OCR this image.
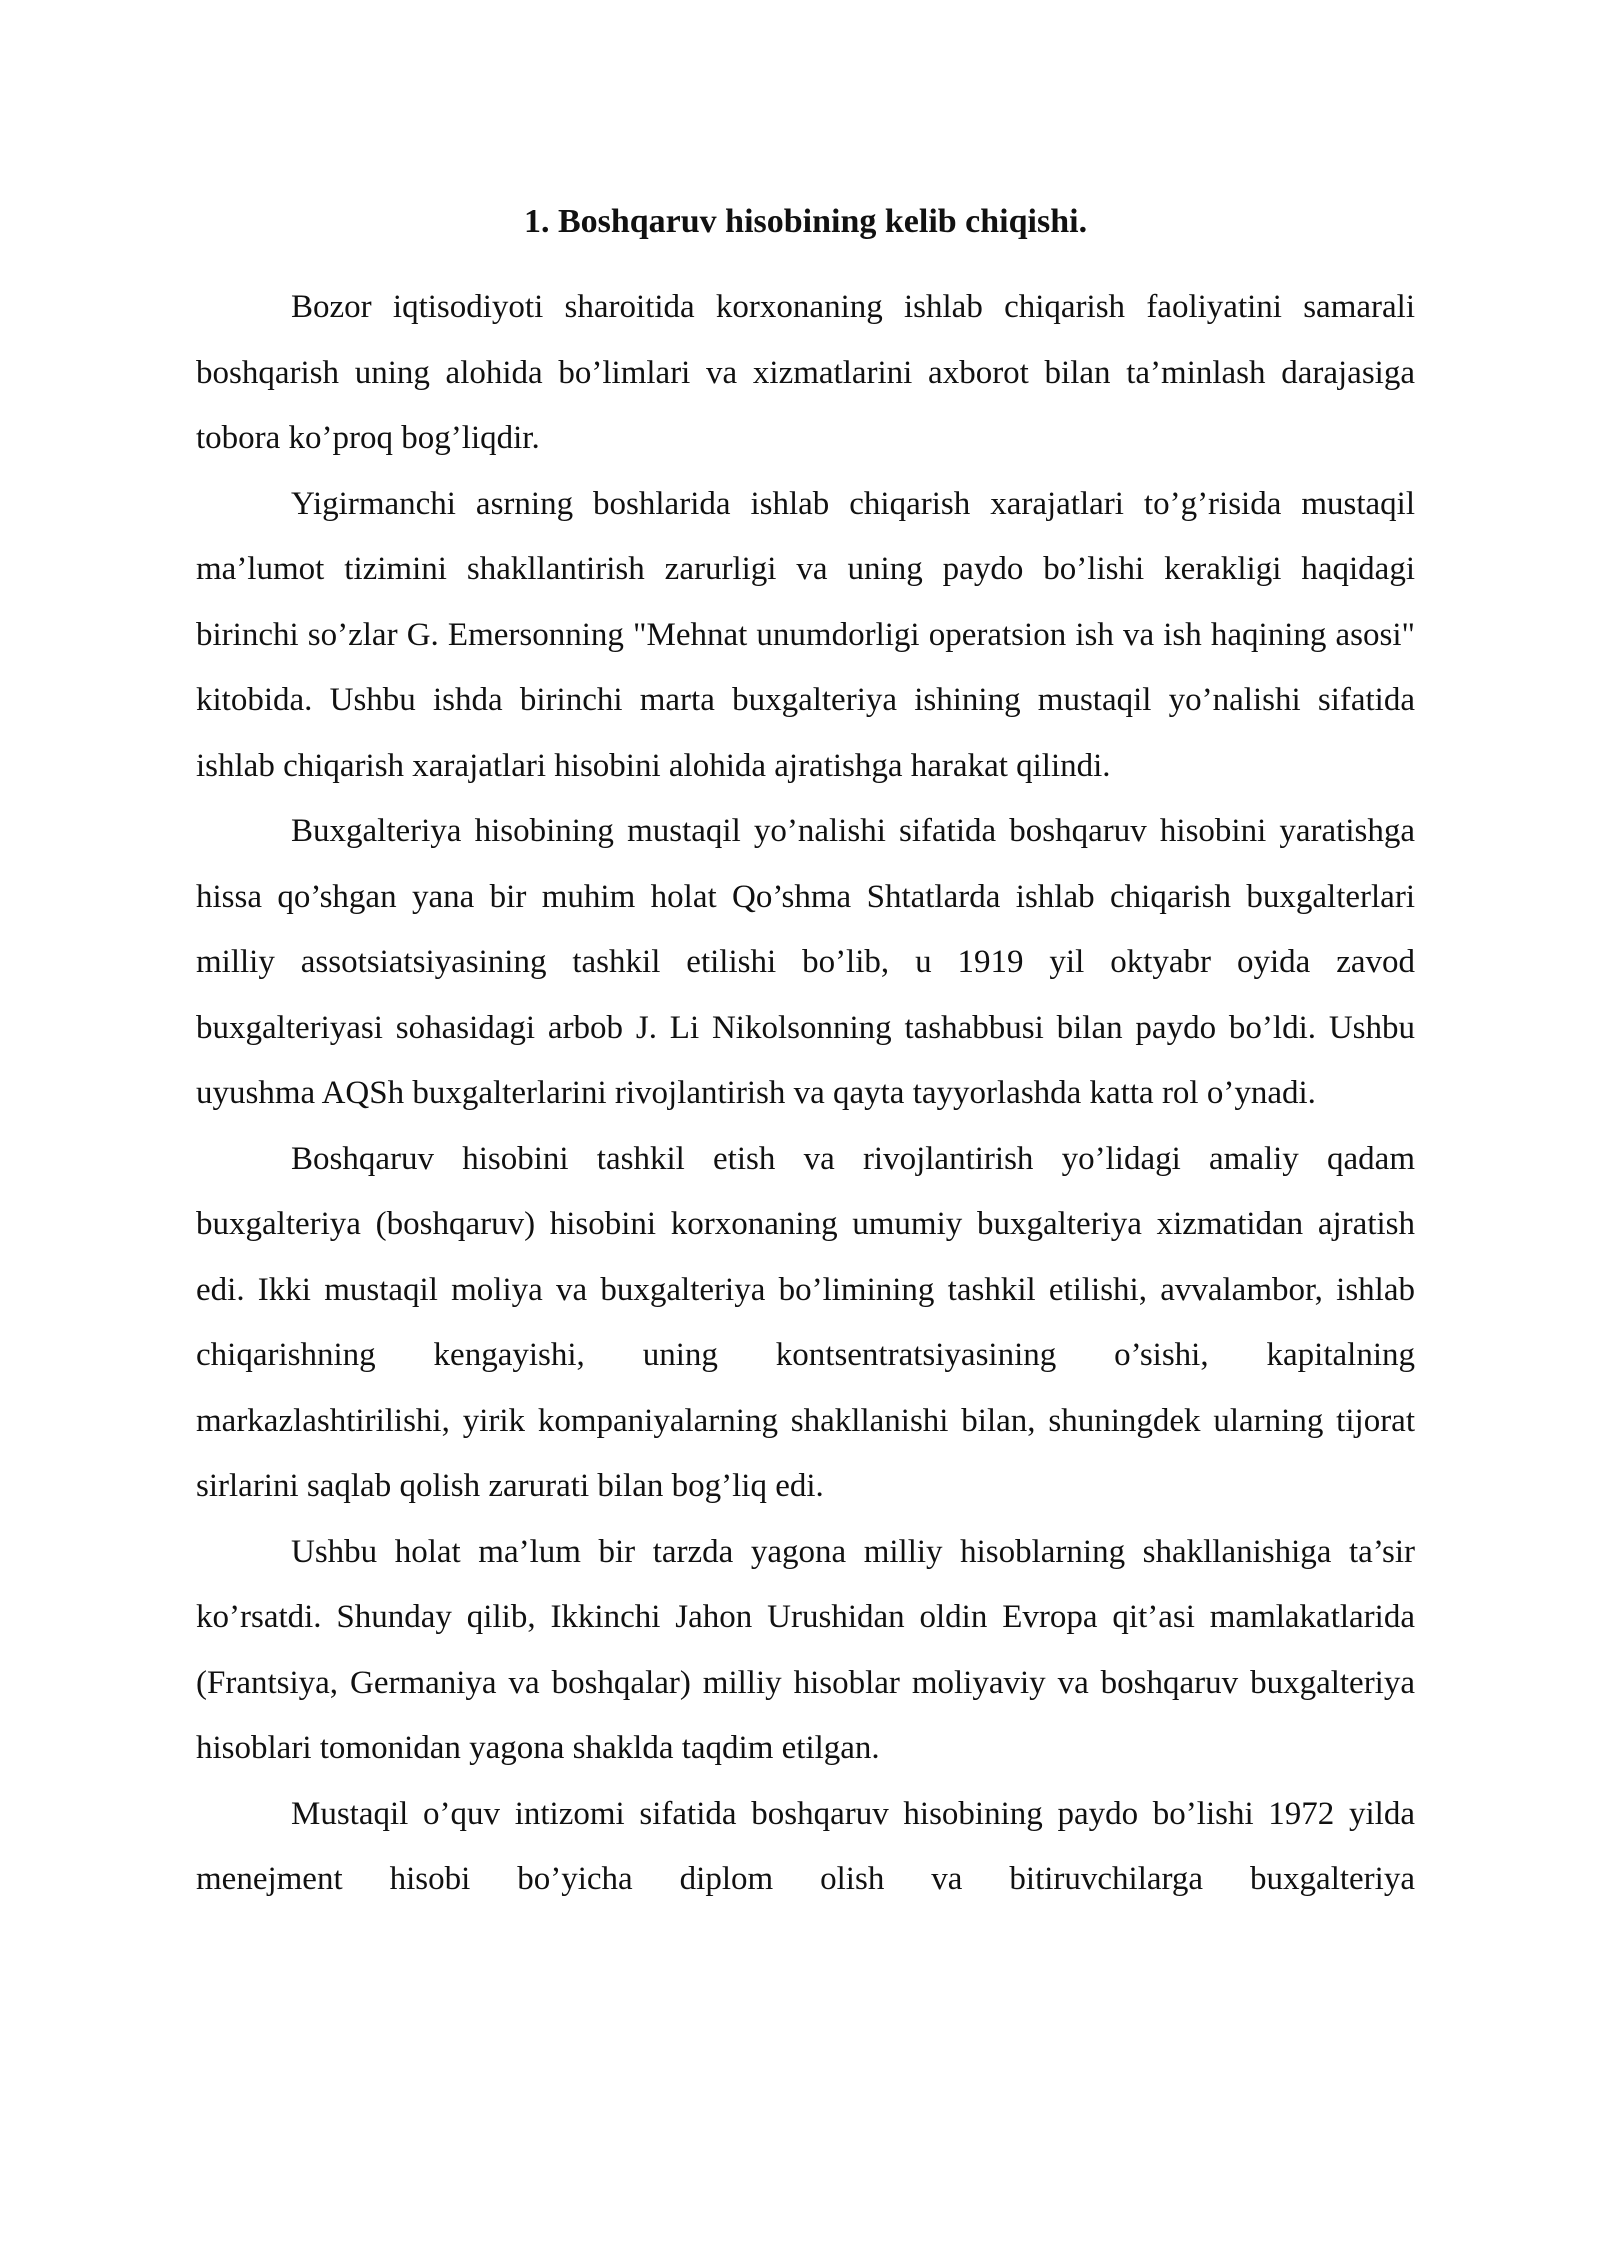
1. Boshqaruv hisobining kelib chiqishi.

Bozor iqtisodiyoti sharoitida korxonaning ishlab chiqarish faoliyatini samarali boshqarish uning alohida bo’limlari va xizmatlarini axborot bilan ta’minlash darajasiga tobora ko’proq bog’liqdir.

Yigirmanchi asrning boshlarida ishlab chiqarish xarajatlari to’g’risida mustaqil ma’lumot tizimini shakllantirish zarurligi va uning paydo bo’lishi kerakligi haqidagi birinchi so’zlar G. Emersonning "Mehnat unumdorligi operatsion ish va ish haqining asosi" kitobida. Ushbu ishda birinchi marta buxgalteriya ishining mustaqil yo’nalishi sifatida ishlab chiqarish xarajatlari hisobini alohida ajratishga harakat qilindi.

Buxgalteriya hisobining mustaqil yo’nalishi sifatida boshqaruv hisobini yaratishga hissa qo’shgan yana bir muhim holat Qo’shma Shtatlarda ishlab chiqarish buxgalterlari milliy assotsiatsiyasining tashkil etilishi bo’lib, u 1919 yil oktyabr oyida zavod buxgalteriyasi sohasidagi arbob J. Li Nikolsonning tashabbusi bilan paydo bo’ldi. Ushbu uyushma AQSh buxgalterlarini rivojlantirish va qayta tayyorlashda katta rol o’ynadi.

Boshqaruv hisobini tashkil etish va rivojlantirish yo’lidagi amaliy qadam buxgalteriya (boshqaruv) hisobini korxonaning umumiy buxgalteriya xizmatidan ajratish edi. Ikki mustaqil moliya va buxgalteriya bo’limining tashkil etilishi, avvalambor, ishlab chiqarishning kengayishi, uning kontsentratsiyasining o’sishi, kapitalning markazlashtirilishi, yirik kompaniyalarning shakllanishi bilan, shuningdek ularning tijorat sirlarini saqlab qolish zarurati bilan bog’liq edi.

Ushbu holat ma’lum bir tarzda yagona milliy hisoblarning shakllanishiga ta’sir ko’rsatdi. Shunday qilib, Ikkinchi Jahon Urushidan oldin Evropa qit’asi mamlakatlarida (Frantsiya, Germaniya va boshqalar) milliy hisoblar moliyaviy va boshqaruv buxgalteriya hisoblari tomonidan yagona shaklda taqdim etilgan.

Mustaqil o’quv intizomi sifatida boshqaruv hisobining paydo bo’lishi 1972 yilda menejment hisobi bo’yicha diplom olish va bitiruvchilarga buxgalteriya
